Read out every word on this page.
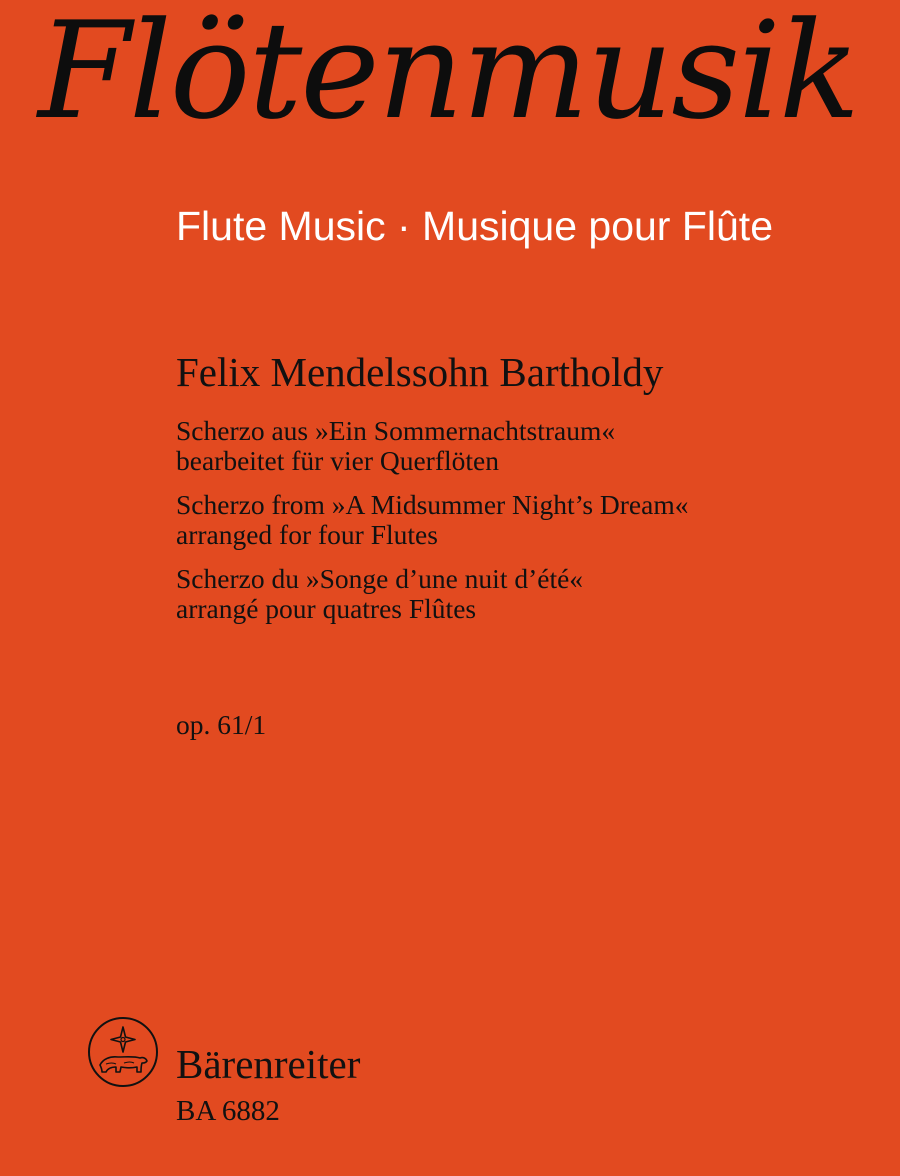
Flötenmusik
Flute Music · Musique pour Flûte
Felix Mendelssohn Bartholdy
Scherzo aus »Ein Sommernachtstraum«
bearbeitet für vier Querflöten
Scherzo from »A Midsummer Night’s Dream«
arranged for four Flutes
Scherzo du »Songe d’une nuit d’été«
arrangé pour quatres Flûtes
op. 61/1
Bärenreiter
BA 6882
